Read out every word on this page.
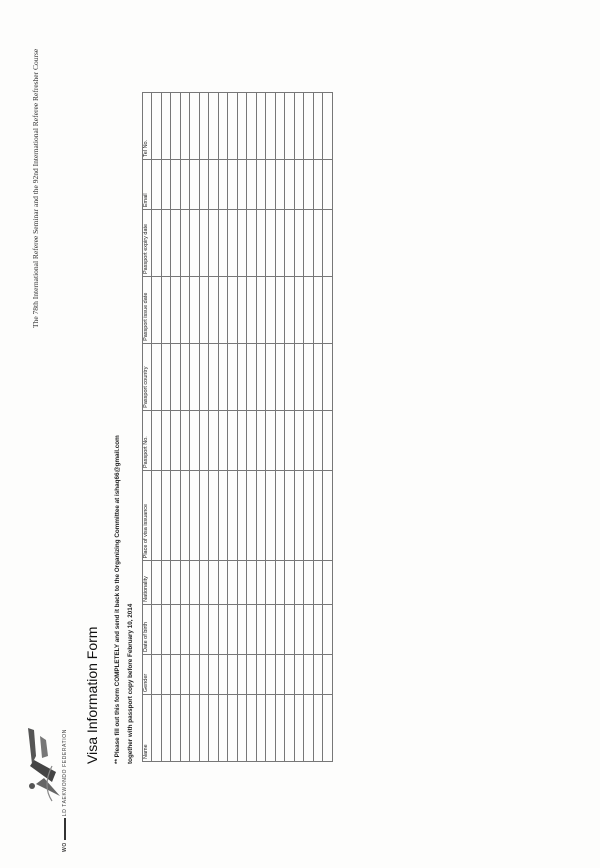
WOLD TAEKWONDO FEDERATION
The 78th International Referee Seminar and the 92nd International Referee Refresher Course
Visa Information Form ** Please fill out this form COMPLETELY and send it back to the Organizing Committee at ishaq66@gmail.com together with passport copy before February 10, 2014 Name	Gender	Date of birth	Nationality	Place of visa issuance	Passport No.	Passport country	Passport issue date	Passport expiry date	Email	Tel No.
